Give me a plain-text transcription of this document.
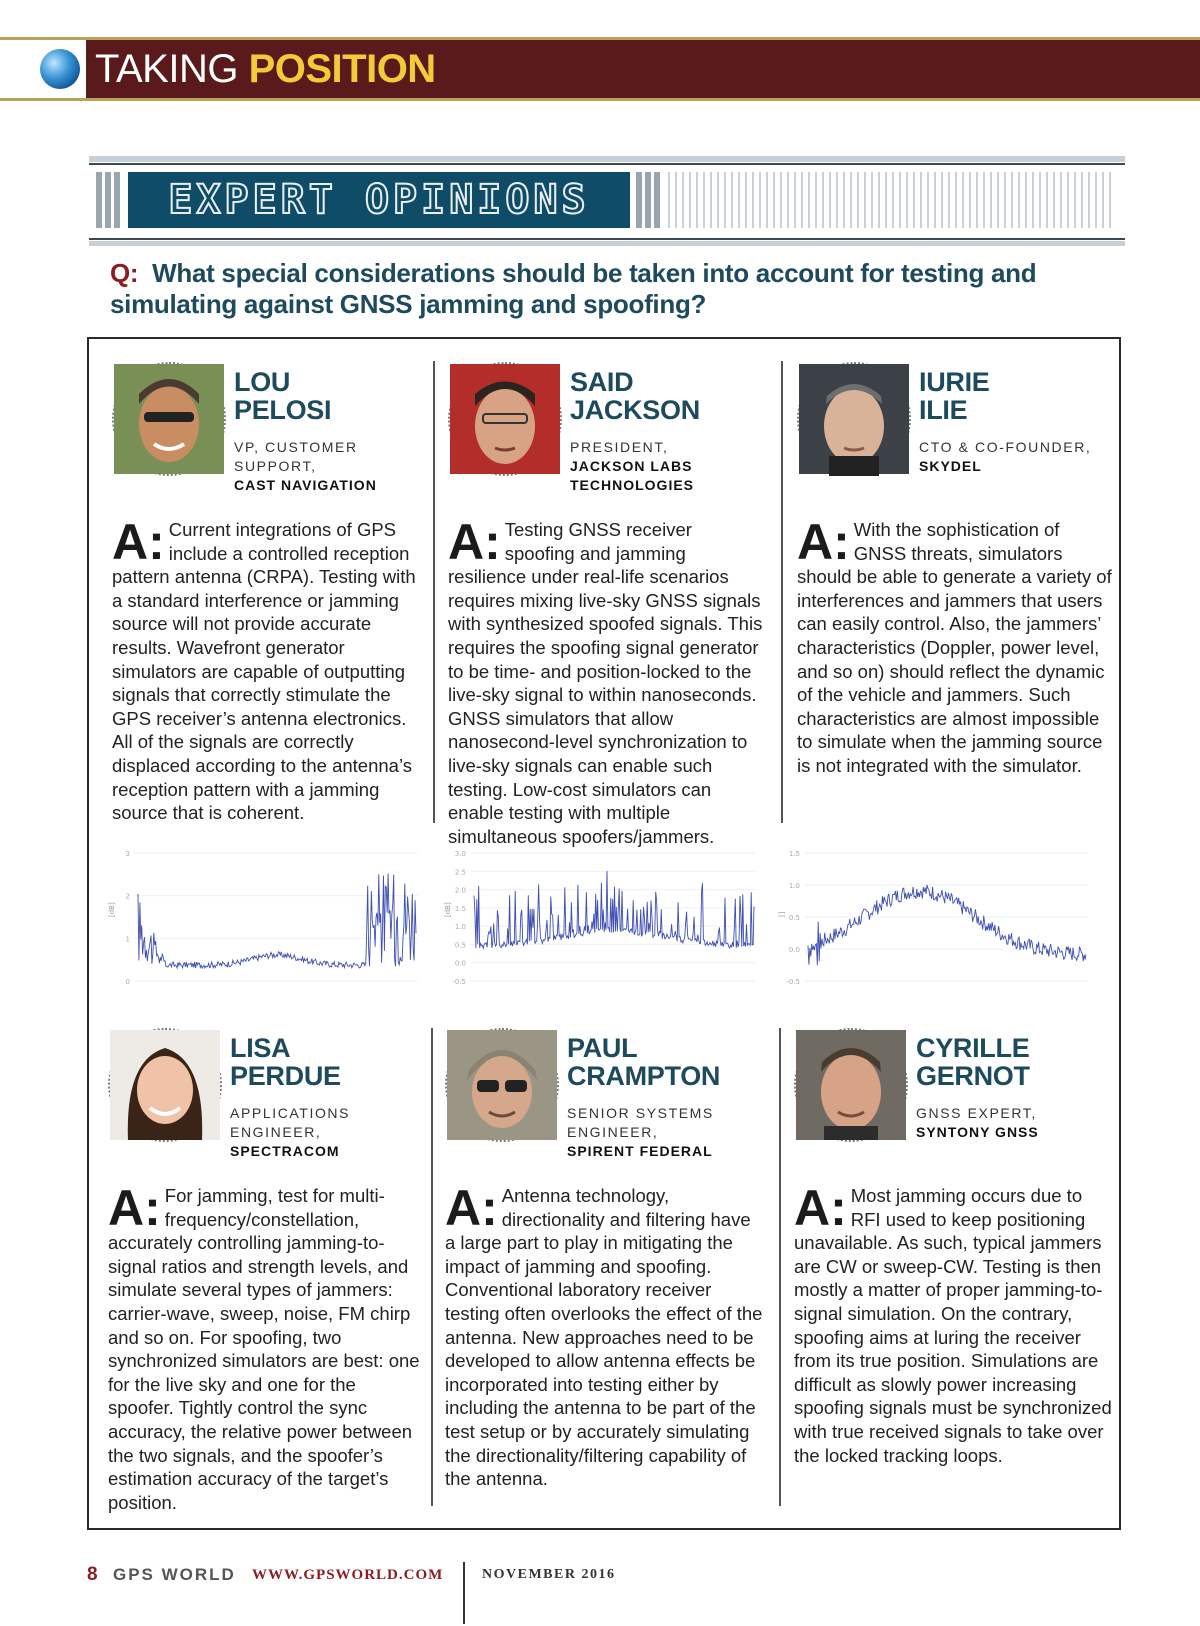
TAKING POSITION
EXPERT OPINIONS
Q: What special considerations should be taken into account for testing and simulating against GNSS jamming and spoofing?
LOU
PELOSI
VP, CUSTOMER
SUPPORT,
CAST NAVIGATION
A: Current integrations of GPS include a controlled reception pattern antenna (CRPA). Testing with a standard interference or jamming source will not provide accurate results. Wavefront generator simulators are capable of outputting signals that correctly stimulate the GPS receiver’s antenna electronics. All of the signals are correctly displaced according to the antenna’s reception pattern with a jamming source that is coherent.
SAID
JACKSON
PRESIDENT,
JACKSON LABS
TECHNOLOGIES
A: Testing GNSS receiver spoofing and jamming resilience under real-life scenarios requires mixing live-sky GNSS signals with synthesized spoofed signals. This requires the spoofing signal generator to be time- and position-locked to the live-sky signal to within nanoseconds. GNSS simulators that allow nanosecond-level synchronization to live-sky signals can enable such testing. Low-cost simulators can enable testing with multiple simultaneous spoofers/jammers.
IURIE
ILIE
CTO & CO-FOUNDER,
SKYDEL
A: With the sophistication of GNSS threats, simulators should be able to generate a variety of interferences and jammers that users can easily control. Also, the jammers’ characteristics (Doppler, power level, and so on) should reflect the dynamic of the vehicle and jammers. Such characteristics are almost impossible to simulate when the jamming source is not integrated with the simulator.
0
1
2
3
[dB]
-0.5
0.0
0.5
1.0
1.5
2.0
2.5
3.0
[dB]
-0.5
0.0
0.5
1.0
1.5
[]
LISA
PERDUE
APPLICATIONS
ENGINEER,
SPECTRACOM
A: For jamming, test for multi-frequency/constellation, accurately controlling jamming-to-signal ratios and strength levels, and simulate several types of jammers: carrier-wave, sweep, noise, FM chirp and so on. For spoofing, two synchronized simulators are best: one for the live sky and one for the spoofer. Tightly control the sync accuracy, the relative power between the two signals, and the spoofer’s estimation accuracy of the target’s position.
PAUL
CRAMPTON
SENIOR SYSTEMS
ENGINEER,
SPIRENT FEDERAL
A: Antenna technology, directionality and filtering have a large part to play in mitigating the impact of jamming and spoofing. Conventional laboratory receiver testing often overlooks the effect of the antenna. New approaches need to be developed to allow antenna effects be incorporated into testing either by including the antenna to be part of the test setup or by accurately simulating the directionality/filtering capability of the antenna.
CYRILLE
GERNOT
GNSS EXPERT,
SYNTONY GNSS
A: Most jamming occurs due to RFI used to keep positioning unavailable. As such, typical jammers are CW or sweep-CW. Testing is then mostly a matter of proper jamming-to-signal simulation. On the contrary, spoofing aims at luring the receiver from its true position. Simulations are difficult as slowly power increasing spoofing signals must be synchronized with true received signals to take over the locked tracking loops.
8 GPS WORLD WWW.GPSWORLD.COM	NOVEMBER 2016
